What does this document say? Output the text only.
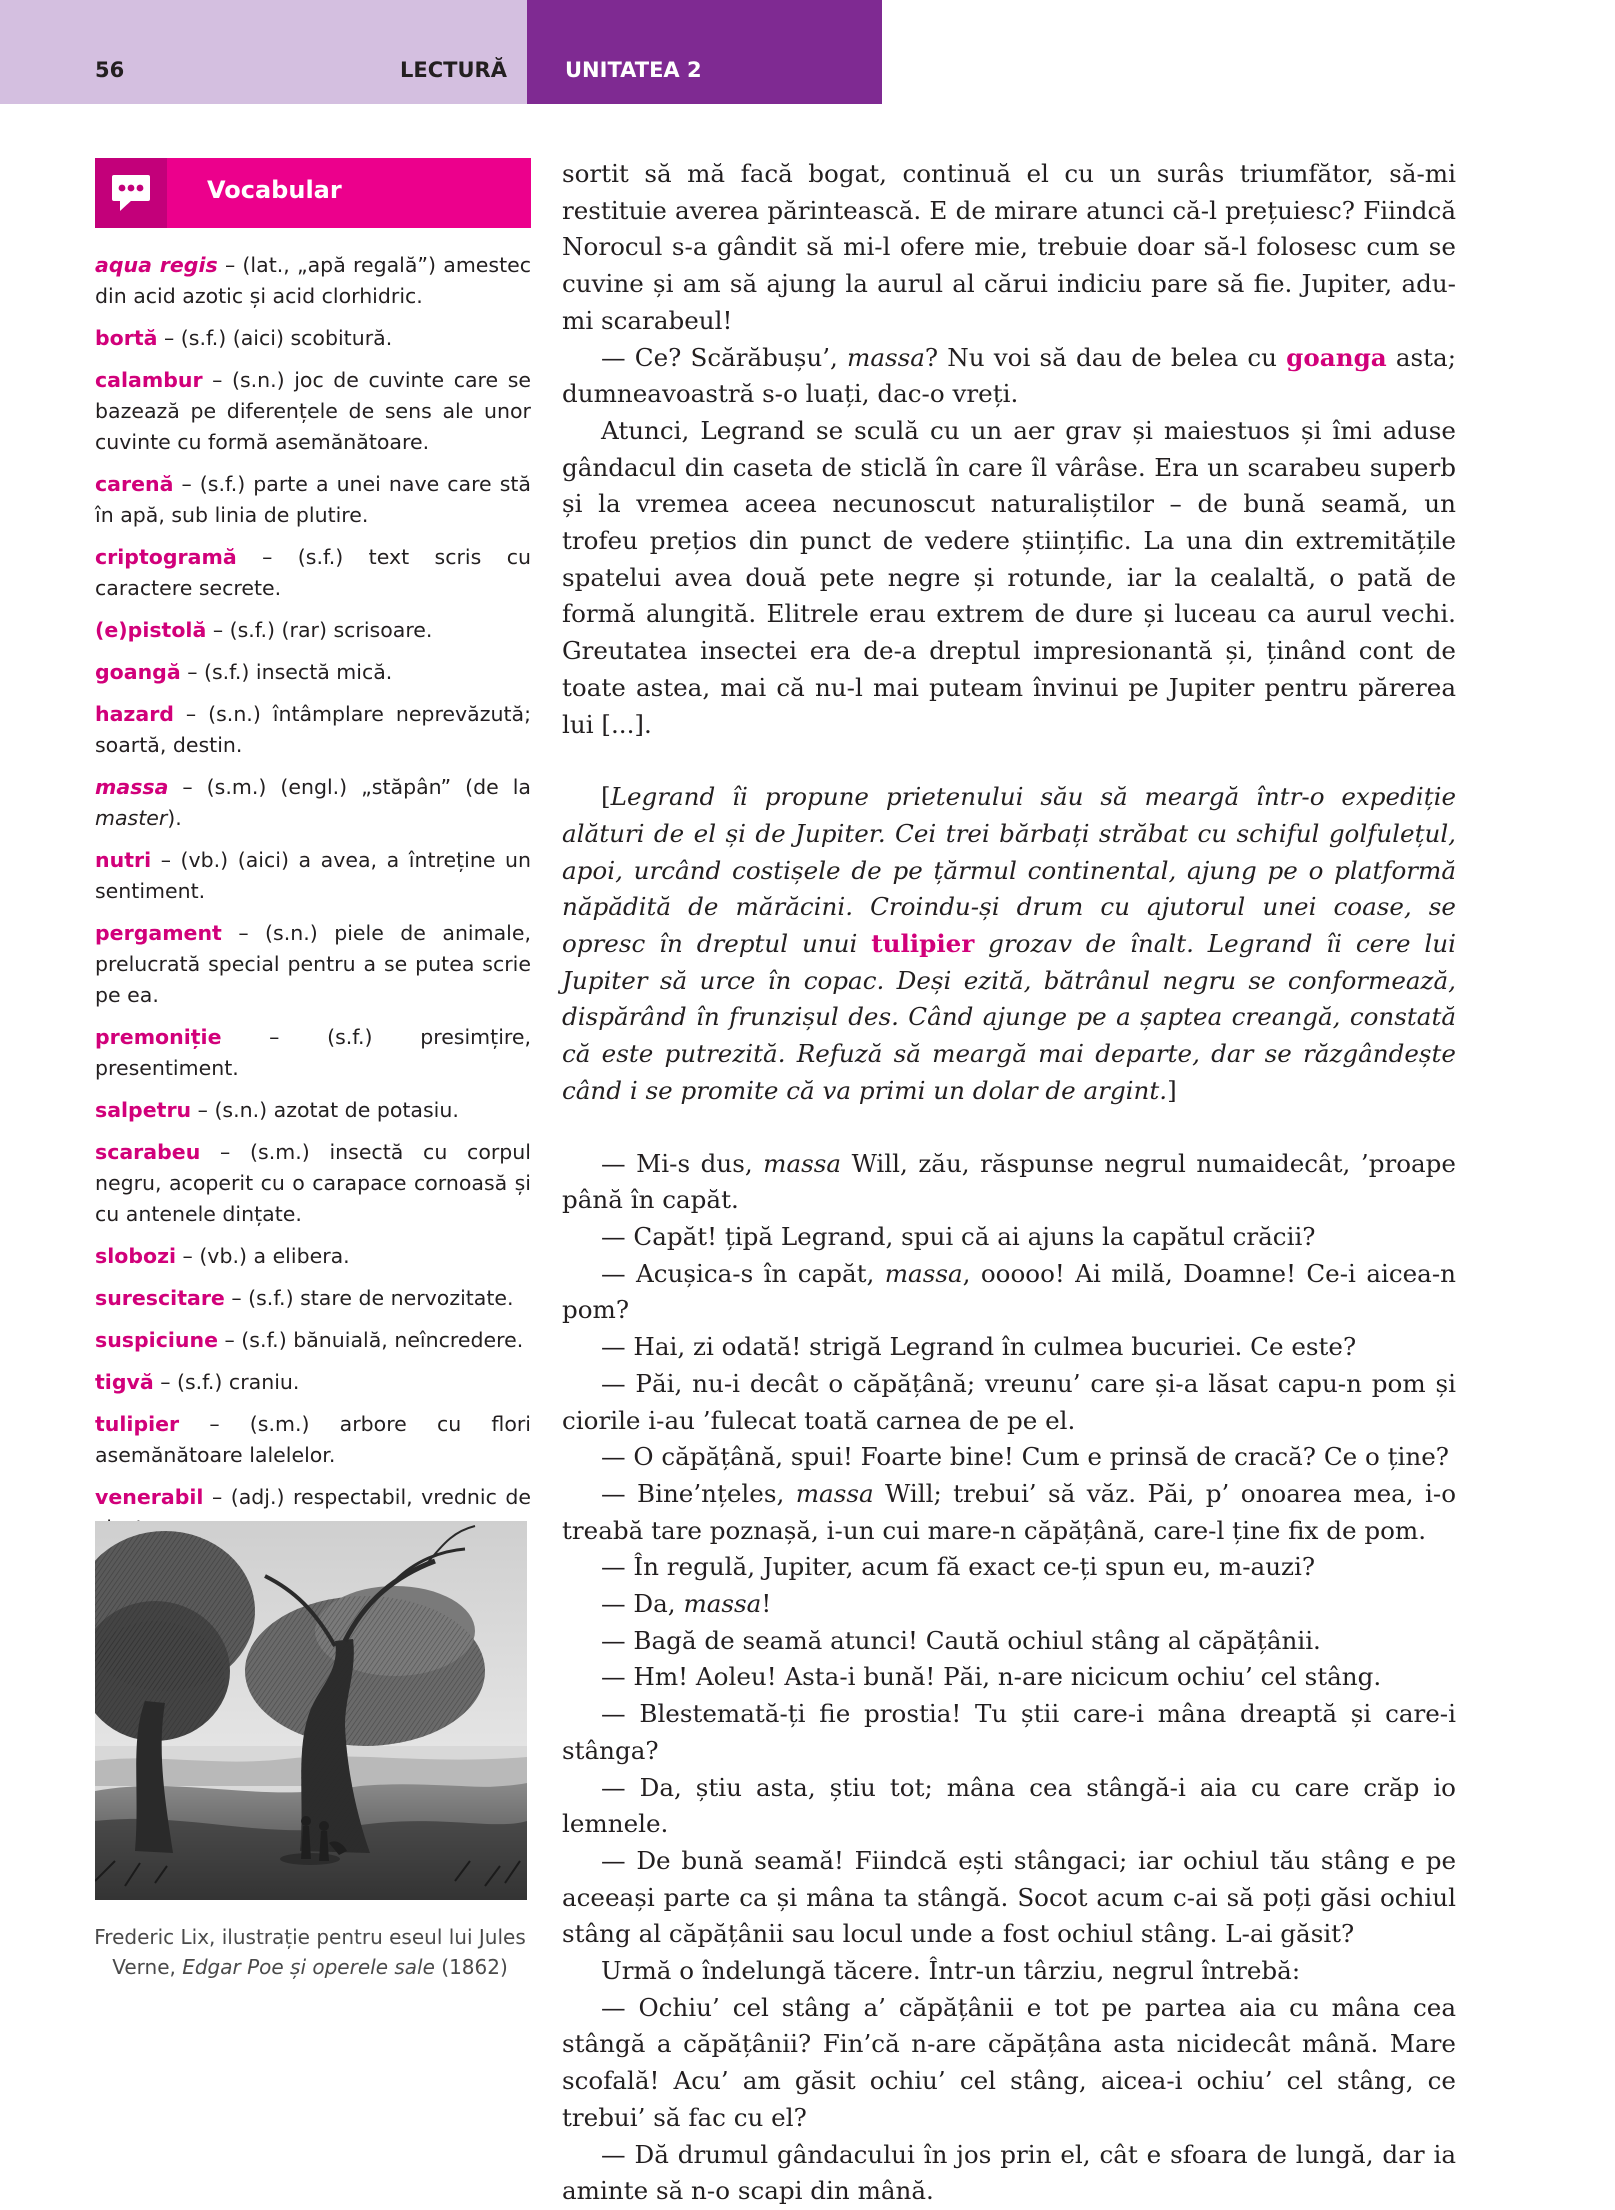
56	LECTURĂ	UNITATEA 2
Vocabular
aqua regis – (lat., „apă regală”) amestec din acid azotic și acid clorhidric.
bortă – (s.f.) (aici) scobitură.
calambur – (s.n.) joc de cuvinte care se bazează pe diferențele de sens ale unor cuvinte cu formă asemănătoare.
carenă – (s.f.) parte a unei nave care stă în apă, sub linia de plutire.
criptogramă – (s.f.) text scris cu caractere secrete.
(e)pistolă – (s.f.) (rar) scrisoare.
goangă – (s.f.) insectă mică.
hazard – (s.n.) întâmplare neprevăzută; soartă, destin.
massa – (s.m.) (engl.) „stăpân” (de la master).
nutri – (vb.) (aici) a avea, a întreține un sentiment.
pergament – (s.n.) piele de animale, prelucrată special pentru a se putea scrie pe ea.
premoniție – (s.f.) presimțire, presentiment.
salpetru – (s.n.) azotat de potasiu.
scarabeu – (s.m.) insectă cu corpul negru, acoperit cu o carapace cornoasă și cu antenele dințate.
slobozi – (vb.) a elibera.
surescitare – (s.f.) stare de nervozitate.
suspiciune – (s.f.) bănuială, neîncredere.
tigvă – (s.f.) craniu.
tulipier – (s.m.) arbore cu flori asemănătoare lalelelor.
venerabil – (adj.) respectabil, vrednic de
Frederic Lix, ilustrație pentru eseul lui Jules Verne, Edgar Poe și operele sale (1862)

sortit să mă facă bogat, continuă el cu un surâs triumfător, să-mi restituie averea părintească. E de mirare atunci că-l prețuiesc? Fiindcă Norocul s-a gândit să mi-l ofere mie, trebuie doar să-l folosesc cum se cuvine și am să ajung la aurul al cărui indiciu pare să fie. Jupiter, adu-mi scarabeul!

— Ce? Scărăbușu’, massa? Nu voi să dau de belea cu goanga asta; dumneavoastră s-o luați, dac-o vreți.

Atunci, Legrand se sculă cu un aer grav și maiestuos și îmi aduse gândacul din caseta de sticlă în care îl vârâse. Era un scarabeu superb și la vremea aceea necunoscut naturaliștilor – de bună seamă, un trofeu prețios din punct de vedere științific. La una din extremitățile spatelui avea două pete negre și rotunde, iar la cealaltă, o pată de formă alungită. Elitrele erau extrem de dure și luceau ca aurul vechi. Greutatea insectei era de-a dreptul impresionantă și, ținând cont de toate astea, mai că nu-l mai puteam învinui pe Jupiter pentru părerea lui [...].

[Legrand îi propune prietenului său să meargă într-o expediție alături de el și de Jupiter. Cei trei bărbați străbat cu schiful golfulețul, apoi, urcând costișele de pe țărmul continental, ajung pe o platformă năpădită de mărăcini. Croindu-și drum cu ajutorul unei coase, se opresc în dreptul unui tulipier grozav de înalt. Legrand îi cere lui Jupiter să urce în copac. Deși ezită, bătrânul negru se conformează, dispărând în frunzișul des. Când ajunge pe a șaptea creangă, constată că este putrezită. Refuză să meargă mai departe, dar se răzgândește când i se promite că va primi un dolar de argint.]

— Mi-s dus, massa Will, zău, răspunse negrul numaidecât, ’proape până în capăt.

— Capăt! țipă Legrand, spui că ai ajuns la capătul crăcii?

— Acușica-s în capăt, massa, ooooo! Ai milă, Doamne! Ce-i aicea-n pom?

— Hai, zi odată! strigă Legrand în culmea bucuriei. Ce este?

— Păi, nu-i decât o căpățână; vreunu’ care și-a lăsat capu-n pom și ciorile i-au ’fulecat toată carnea de pe el.

— O căpățână, spui! Foarte bine! Cum e prinsă de cracă? Ce o ține?

— Bine’nțeles, massa Will; trebui’ să văz. Păi, p’ onoarea mea, i-o treabă tare poznașă, i-un cui mare-n căpățână, care-l ține fix de pom.

— În regulă, Jupiter, acum fă exact ce-ți spun eu, m-auzi?

— Da, massa!

— Bagă de seamă atunci! Caută ochiul stâng al căpățânii.

— Hm! Aoleu! Asta-i bună! Păi, n-are nicicum ochiu’ cel stâng.

— Blestemată-ți fie prostia! Tu știi care-i mâna dreaptă și care-i stânga?

— Da, știu asta, știu tot; mâna cea stângă-i aia cu care crăp io lemnele.

— De bună seamă! Fiindcă ești stângaci; iar ochiul tău stâng e pe aceeași parte ca și mâna ta stângă. Socot acum c-ai să poți găsi ochiul stâng al căpățânii sau locul unde a fost ochiul stâng. L-ai găsit?

Urmă o îndelungă tăcere. Într-un târziu, negrul întrebă:

— Ochiu’ cel stâng a’ căpățânii e tot pe partea aia cu mâna cea stângă a căpățânii? Fin’că n-are căpățâna asta nicidecât mână. Mare scofală! Acu’ am găsit ochiu’ cel stâng, aicea-i ochiu’ cel stâng, ce trebui’ să fac cu el?

— Dă drumul gândacului în jos prin el, cât e sfoara de lungă, dar ia aminte să n-o scapi din mână.
